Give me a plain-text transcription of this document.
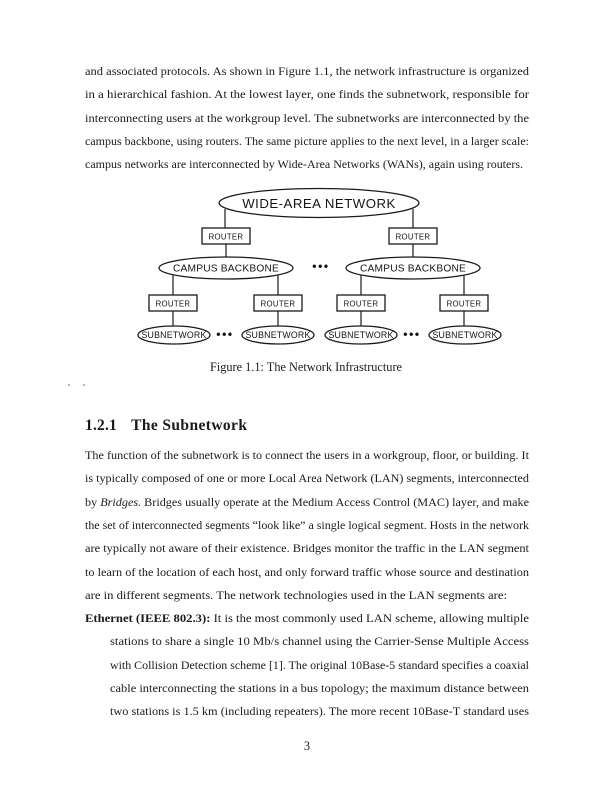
and associated protocols. As shown in Figure 1.1, the network infrastructure is organized
in a hierarchical fashion. At the lowest layer, one finds the subnetwork, responsible for
interconnecting users at the workgroup level. The subnetworks are interconnected by the
campus backbone, using routers. The same picture applies to the next level, in a larger scale:
campus networks are interconnected by Wide-Area Networks (WANs), again using routers.
WIDE-AREA NETWORK
ROUTER	ROUTER
CAMPUS BACKBONE	CAMPUS BACKBONE
•••
ROUTER	ROUTER	ROUTER	ROUTER
SUBNETWORK	SUBNETWORK SUBNETWORK	SUBNETWORK
•••	•••
Figure 1.1: The Network Infrastructure
1.2.1 The Subnetwork
The function of the subnetwork is to connect the users in a workgroup, floor, or building. It
is typically composed of one or more Local Area Network (LAN) segments, interconnected
by Bridges. Bridges usually operate at the Medium Access Control (MAC) layer, and make
the set of interconnected segments “look like” a single logical segment. Hosts in the network
are typically not aware of their existence. Bridges monitor the traffic in the LAN segment
to learn of the location of each host, and only forward traffic whose source and destination
are in different segments. The network technologies used in the LAN segments are:
Ethernet (IEEE 802.3): It is the most commonly used LAN scheme, allowing multiple
stations to share a single 10 Mb/s channel using the Carrier-Sense Multiple Access
with Collision Detection scheme [1]. The original 10Base-5 standard specifies a coaxial
cable interconnecting the stations in a bus topology; the maximum distance between
two stations is 1.5 km (including repeaters). The more recent 10Base-T standard uses
3
